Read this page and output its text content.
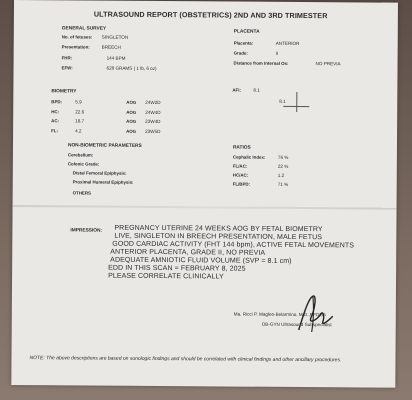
ULTRASOUND REPORT (OBSTETRICS) 2ND AND 3RD TRIMESTER
GENERAL SURVEY
No. of fetuses: SINGLETON
Presentation:	BREECH
FHR:	144 BPM
EFW:	628 GRAMS ( 1 lb, 6 oz)
PLACENTA
Placenta:	ANTERIOR
Grade:	II
Distance from Internal Os:	NO PREVIA
AFI:	8.1
8.1
BIOMETRY
BPD:	5.9	AOG 24W2D
HC:	22.6	AOG 24W4D
AC:	18.7	AOG 23W4D
FL:	4.2	AOG 23W5D
NON-BIOMETRIC PARAMETERS
Cerebellum:
Colonic Grade:
Distal Femoral Epiphysis:
Proximal Humeral Epiphysis:
OTHERS
RATIOS
Cephalic Index:	76 %
FL/AC:	22 %
HC/AC:	1.2
FL/BPD:	71 %
IMPRESSION: PREGNANCY UTERINE 24 WEEKS AOG BY FETAL BIOMETRY
LIVE, SINGLETON IN BREECH PRESENTATION, MALE FETUS
GOOD CARDIAC ACTIVITY (FHT 144 bpm), ACTIVE FETAL MOVEMENTS
ANTERIOR PLACENTA, GRADE II, NO PREVIA
ADEQUATE AMNIOTIC FLUID VOLUME (SVP = 8.1 cm)
EDD IN THIS SCAN = FEBRUARY 8, 2025
PLEASE CORRELATE CLINICALLY
Ma. Ricci P. Magleo-Belarmino, M.D.,FPOGS
OB-GYN Ultrasound Subspecialist
NOTE: The above descriptions are based on sonologic findings and should be correlated with clinical findings and other ancillary procedures.
